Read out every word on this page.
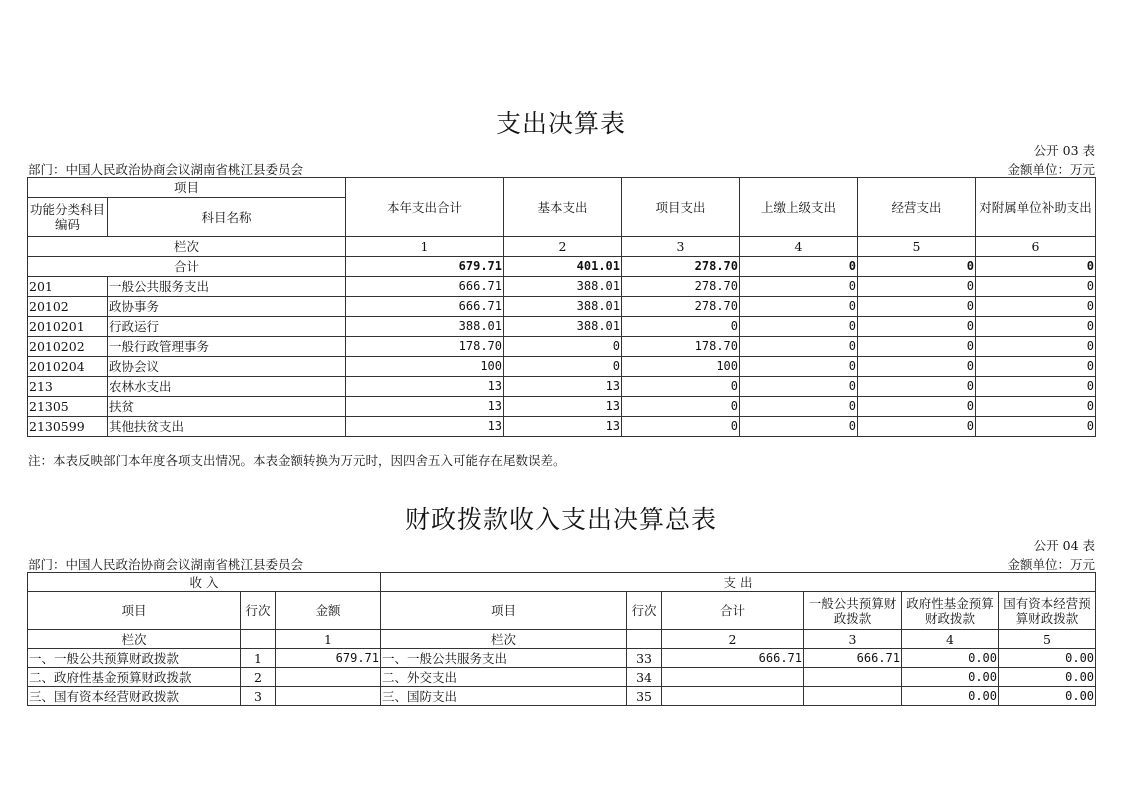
支出决算表
公开 03 表
部门：中国人民政治协商会议湖南省桃江县委员会	金额单位：万元
项目		本年支出合计	基本支出	项目支出	上缴上级支出	经营支出	对附属单位补助支出
功能分类科目编码	科目名称						
栏次		1	2	3	4	5	6
合计		679.71	401.01	278.70	0	0	0
201	一般公共服务支出	666.71	388.01	278.70	0	0	0
20102	政协事务	666.71	388.01	278.70	0	0	0
2010201	行政运行	388.01	388.01	0	0	0	0
2010202	一般行政管理事务	178.70	0	178.70	0	0	0
2010204	政协会议	100	0	100	0	0	0
213	农林水支出	13	13	0	0	0	0
21305	扶贫	13	13	0	0	0	0
2130599	其他扶贫支出	13	13	0	0	0	0
注：本表反映部门本年度各项支出情况。本表金额转换为万元时，因四舍五入可能存在尾数误差。
财政拨款收入支出决算总表
公开 04 表
部门：中国人民政治协商会议湖南省桃江县委员会	金额单位：万元
收 入			支 出					
项目	行次	金额	项目	行次	合计	一般公共预算财政拨款	政府性基金预算财政拨款	国有资本经营预算财政拨款
栏次		1	栏次		2	3	4	5
一、一般公共预算财政拨款	1	679.71	一、一般公共服务支出	33	666.71	666.71	0.00	0.00
二、政府性基金预算财政拨款	2		二、外交支出	34			0.00	0.00
三、国有资本经营财政拨款	3		三、国防支出	35			0.00	0.00
